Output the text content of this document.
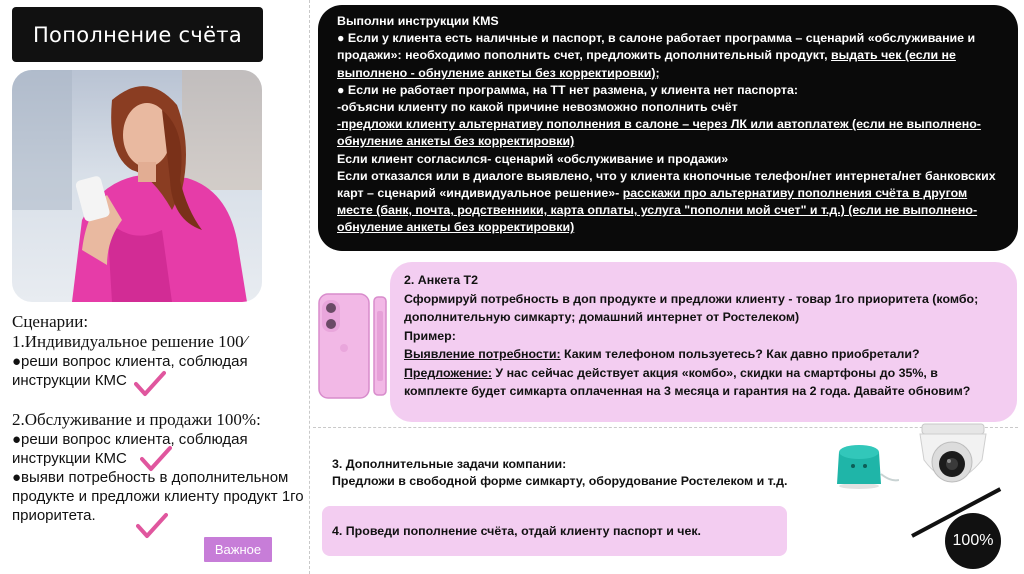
Пополнение счёта
Сценарии:
1.Индивидуальное решение 100⁄
●реши вопрос клиента, соблюдая инструкции КМС
2.Обслуживание и продажи 100%:
●реши вопрос клиента, соблюдая инструкции КМС
●выяви потребность в дополнительном продукте и предложи клиенту продукт 1го приоритета.
Важное
Выполни инструкции КМS
● Если у клиента есть наличные и паспорт, в салоне работает программа – сценарий «обслуживание и продажи»: необходимо пополнить счет, предложить дополнительный продукт, выдать чек (если не выполнено - обнуление анкеты без корректировки);
● Если не работает программа, на ТТ нет размена, у клиента нет паспорта:
-объясни клиенту по какой причине невозможно пополнить счёт
-предложи клиенту альтернативу пополнения в салоне – через ЛК или автоплатеж (если не выполнено-обнуление анкеты без корректировки)
Если клиент согласился- сценарий «обслуживание и продажи»
Если отказался или в диалоге выявлено, что у клиента кнопочные телефон/нет интернета/нет банковских карт – сценарий «индивидуальное решение»- расскажи про альтернативу пополнения счёта в другом месте (банк, почта, родственники, карта оплаты, услуга "пополни мой счет" и т.д.) (если не выполнено-обнуление анкеты без корректировки)
2. Анкета Т2
Сформируй потребность в доп продукте и предложи клиенту - товар 1го приоритета (комбо; дополнительную симкарту; домашний интернет от Ростелеком)
Пример:
Выявление потребности: Каким телефоном пользуетесь? Как давно приобретали?
Предложение: У нас сейчас действует акция «комбо», скидки на смартфоны до 35%, в комплекте будет симкарта оплаченная на 3 месяца и гарантия на 2 года. Давайте обновим?
3. Дополнительные задачи компании:
Предложи в свободной форме симкарту, оборудование Ростелеком и т.д.
4. Проведи пополнение счёта, отдай клиенту паспорт и чек.
100%
